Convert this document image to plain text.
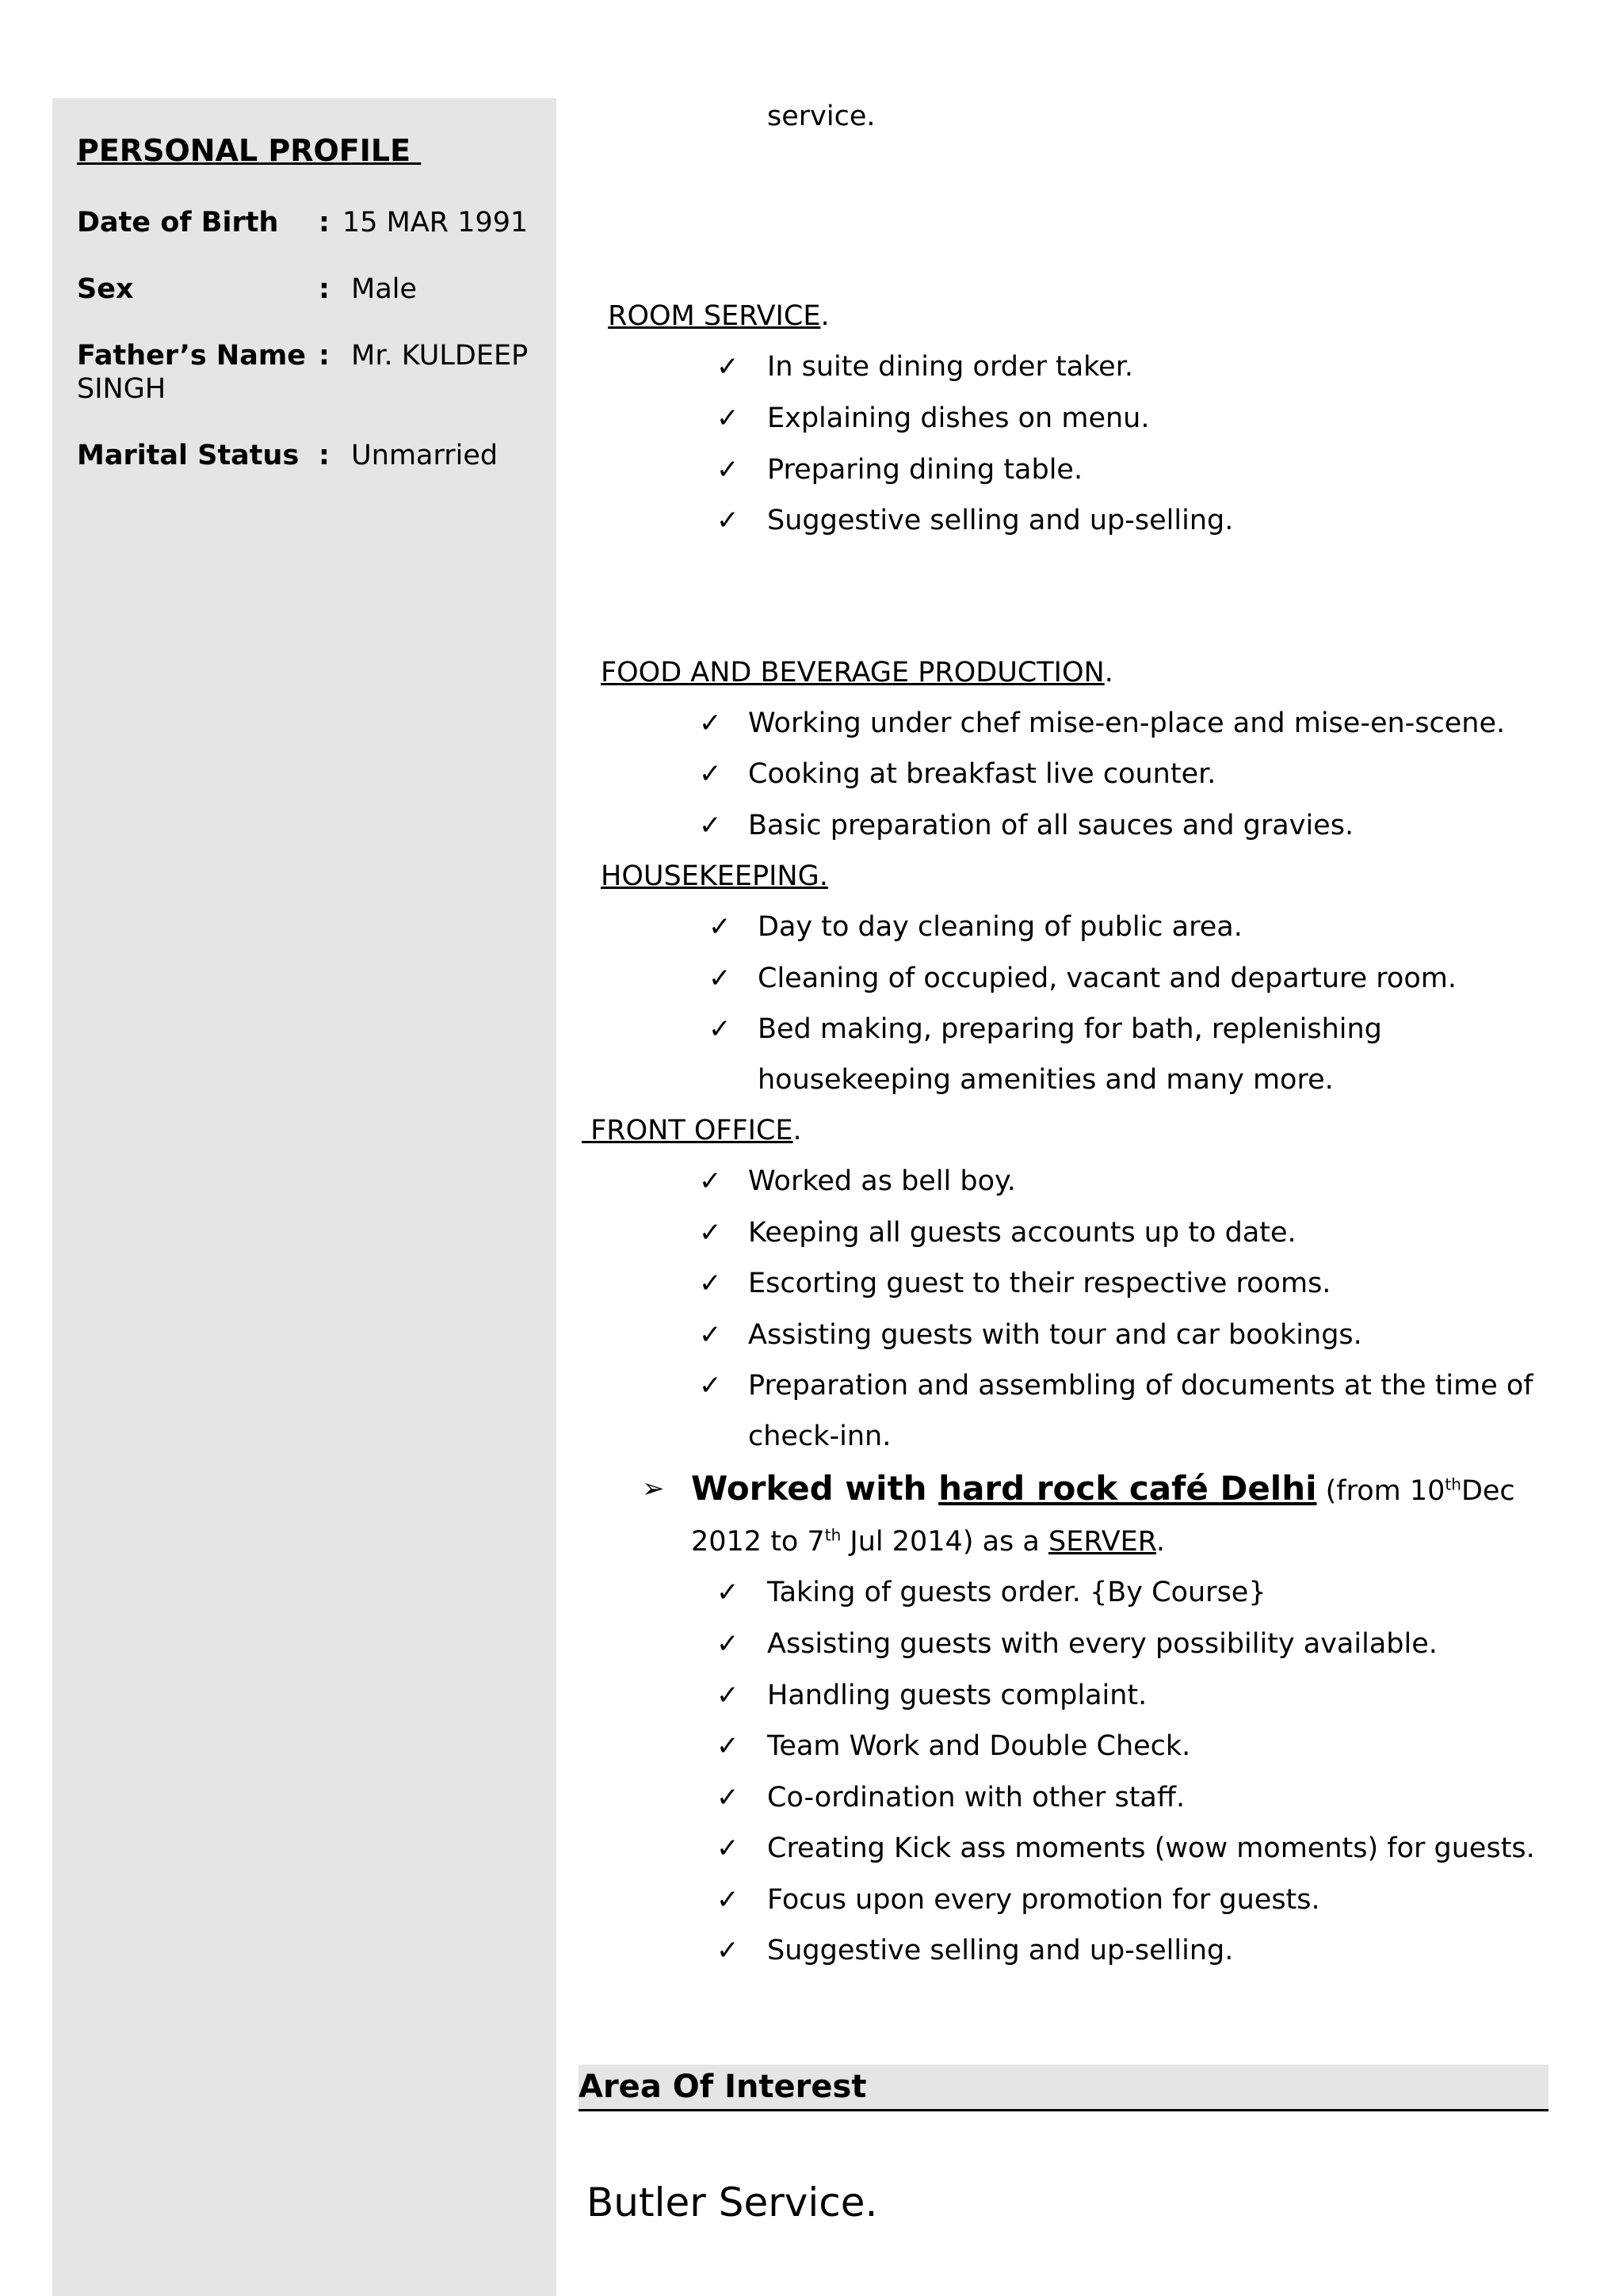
PERSONAL PROFILE
Date of Birth : 15 MAR 1991
Sex	: Male
Father’s Name : Mr. KULDEEP
SINGH
Marital Status : Unmarried
service.
ROOM SERVICE.
✓ In suite dining order taker.
✓ Explaining dishes on menu.
✓ Preparing dining table.
✓ Suggestive selling and up-selling.
FOOD AND BEVERAGE PRODUCTION.
✓ Working under chef mise-en-place and mise-en-scene.
✓ Cooking at breakfast live counter.
✓ Basic preparation of all sauces and gravies.
HOUSEKEEPING.
✓ Day to day cleaning of public area.
✓ Cleaning of occupied, vacant and departure room.
✓ Bed making, preparing for bath, replenishing
housekeeping amenities and many more.
FRONT OFFICE.
✓ Worked as bell boy.
✓ Keeping all guests accounts up to date.
✓ Escorting guest to their respective rooms.
✓ Assisting guests with tour and car bookings.
✓ Preparation and assembling of documents at the time of
check-inn.
➢ Worked with hard rock café Delhi (from 10thDec
2012 to 7th Jul 2014) as a SERVER.
✓ Taking of guests order. {By Course}
✓ Assisting guests with every possibility available.
✓ Handling guests complaint.
✓ Team Work and Double Check.
✓ Co-ordination with other staff.
✓ Creating Kick ass moments (wow moments) for guests.
✓ Focus upon every promotion for guests.
✓ Suggestive selling and up-selling.
Area Of Interest
Butler Service.
